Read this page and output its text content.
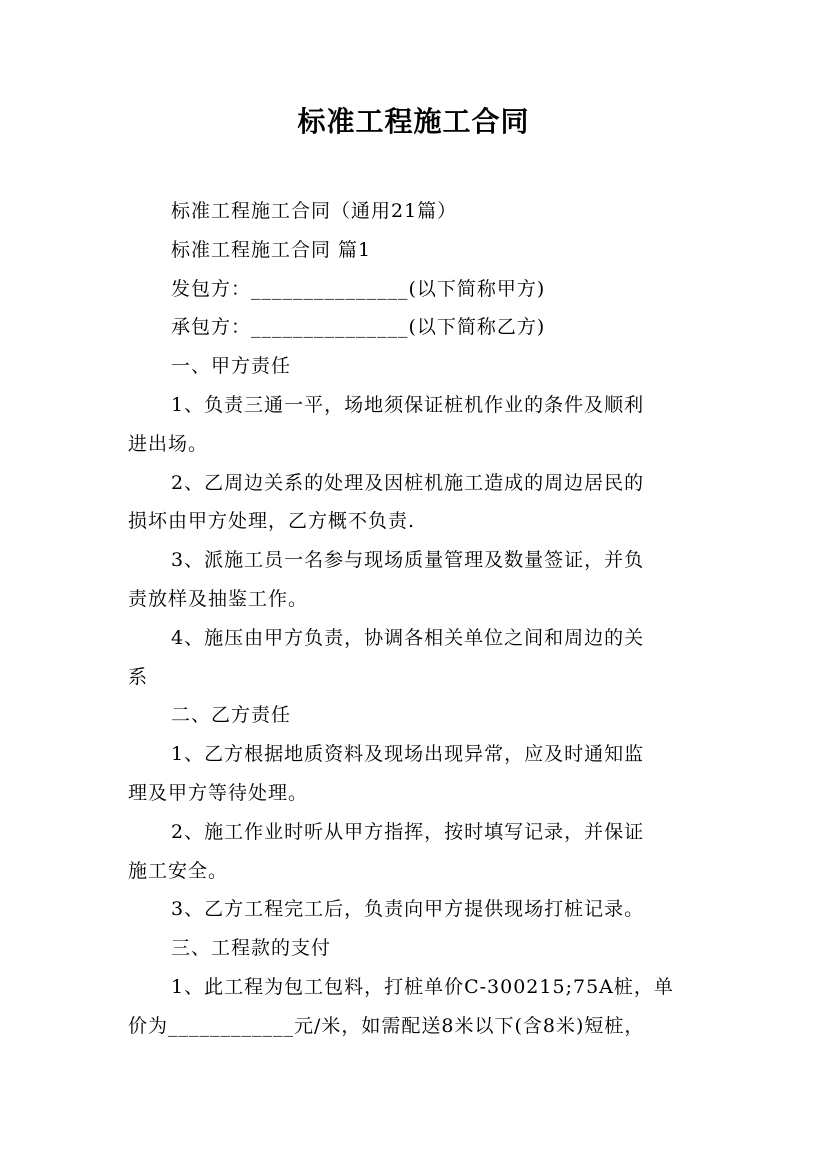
标准工程施工合同
标准工程施工合同（通用21篇）
标准工程施工合同 篇1
发包方：_______________(以下简称甲方)
承包方：_______________(以下简称乙方)
一、甲方责任
1、负责三通一平，场地须保证桩机作业的条件及顺利
进出场。
2、乙周边关系的处理及因桩机施工造成的周边居民的
损坏由甲方处理，乙方概不负责.
3、派施工员一名参与现场质量管理及数量签证，并负
责放样及抽鉴工作。
4、施压由甲方负责，协调各相关单位之间和周边的关
系
二、乙方责任
1、乙方根据地质资料及现场出现异常，应及时通知监
理及甲方等待处理。
2、施工作业时听从甲方指挥，按时填写记录，并保证
施工安全。
3、乙方工程完工后，负责向甲方提供现场打桩记录。
三、工程款的支付
1、此工程为包工包料，打桩单价C-300215;75A桩，单
价为____________元/米，如需配送8米以下(含8米)短桩，
